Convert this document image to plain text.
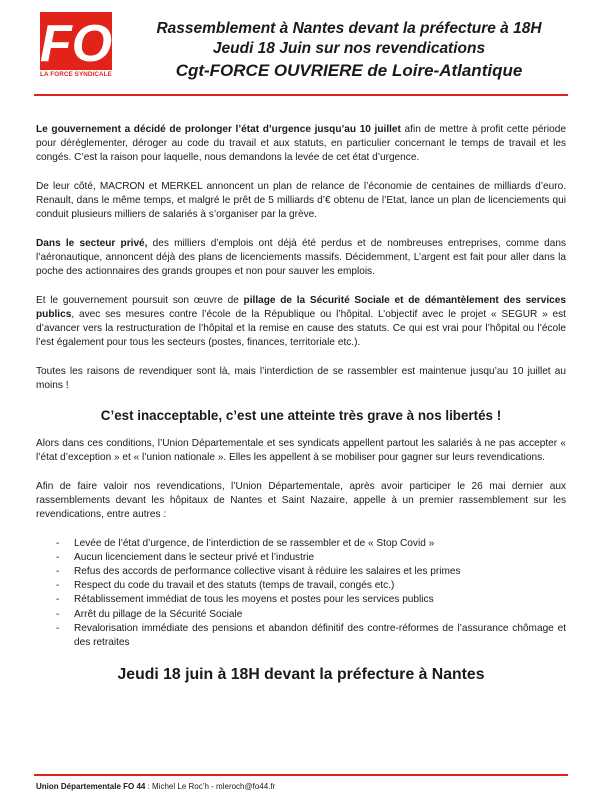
FO
LA FORCE SYNDICALE
Rassemblement à Nantes devant la préfecture à 18H
Jeudi 18 Juin sur nos revendications
Cgt-FORCE OUVRIERE de Loire-Atlantique

Le gouvernement a décidé de prolonger l’état d’urgence jusqu’au 10 juillet afin de mettre à profit cette période pour déréglementer, déroger au code du travail et aux statuts, en particulier concernant le temps de travail et les congés. C’est la raison pour laquelle, nous demandons la levée de cet état d’urgence.

De leur côté, MACRON et MERKEL annoncent un plan de relance de l’économie de centaines de milliards d’euro. Renault, dans le même temps, et malgré le prêt de 5 milliards d’€ obtenu de l’Etat, lance un plan de licenciements qui conduit plusieurs milliers de salariés à s’organiser par la grève.

Dans le secteur privé, des milliers d’emplois ont déjà été perdus et de nombreuses entreprises, comme dans l’aéronautique, annoncent déjà des plans de licenciements massifs. Décidemment, L’argent est fait pour aller dans la poche des actionnaires des grands groupes et non pour sauver les emplois.

Et le gouvernement poursuit son œuvre de pillage de la Sécurité Sociale et de démantèlement des services publics, avec ses mesures contre l’école de la République ou l’hôpital. L’objectif avec le projet « SEGUR » est d’avancer vers la restructuration de l’hôpital et la remise en cause des statuts. Ce qui est vrai pour l’hôpital ou l’école l’est également pour tous les secteurs (postes, finances, territoriale etc.).

Toutes les raisons de revendiquer sont là, mais l’interdiction de se rassembler est maintenue jusqu’au 10 juillet au moins !

C’est inacceptable, c’est une atteinte très grave à nos libertés !

Alors dans ces conditions, l’Union Départementale et ses syndicats appellent partout les salariés à ne pas accepter « l’état d’exception » et « l’union nationale ». Elles les appellent à se mobiliser pour gagner sur leurs revendications.

Afin de faire valoir nos revendications, l’Union Départementale, après avoir participer le 26 mai dernier aux rassemblements devant les hôpitaux de Nantes et Saint Nazaire, appelle à un premier rassemblement sur les revendications, entre autres :

- Levée de l’état d’urgence, de l’interdiction de se rassembler et de « Stop Covid »
- Aucun licenciement dans le secteur privé et l’industrie
- Refus des accords de performance collective visant à réduire les salaires et les primes
- Respect du code du travail et des statuts (temps de travail, congés etc.)
- Rétablissement immédiat de tous les moyens et postes pour les services publics
- Arrêt du pillage de la Sécurité Sociale
- Revalorisation immédiate des pensions et abandon définitif des contre-réformes de l’assurance chômage et des retraites
Jeudi 18 juin à 18H devant la préfecture à Nantes
Union Départementale FO 44 : Michel Le Roc’h - mleroch@fo44.fr
